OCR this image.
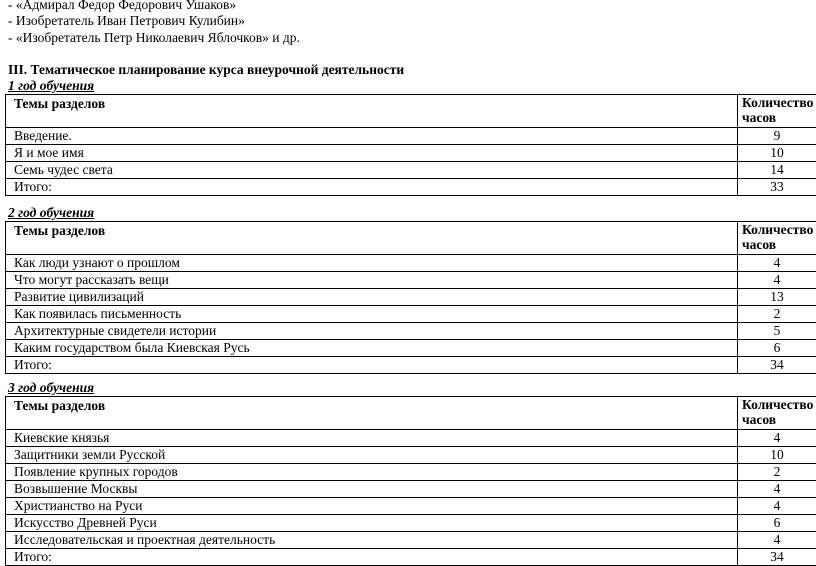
- «Адмирал Федор Федорович Ушаков»
- Изобретатель Иван Петрович Кулибин»
- «Изобретатель Петр Николаевич Яблочков» и др.
III. Тематическое планирование курса внеурочной деятельности
1 год обучения
Темы разделов	Количество часов
Введение.	9
Я и мое имя	10
Семь чудес света	14
Итого:	33
2 год обучения
Темы разделов	Количество часов
Как люди узнают о прошлом	4
Что могут рассказать вещи	4
Развитие цивилизаций	13
Как появилась письменность	2
Архитектурные свидетели истории	5
Каким государством была Киевская Русь	6
Итого:	34
3 год обучения
Темы разделов	Количество часов
Киевские князья	4
Защитники земли Русской	10
Появление крупных городов	2
Возвышение Москвы	4
Христианство на Руси	4
Искусство Древней Руси	6
Исследовательская и проектная деятельность	4
Итого:	34
